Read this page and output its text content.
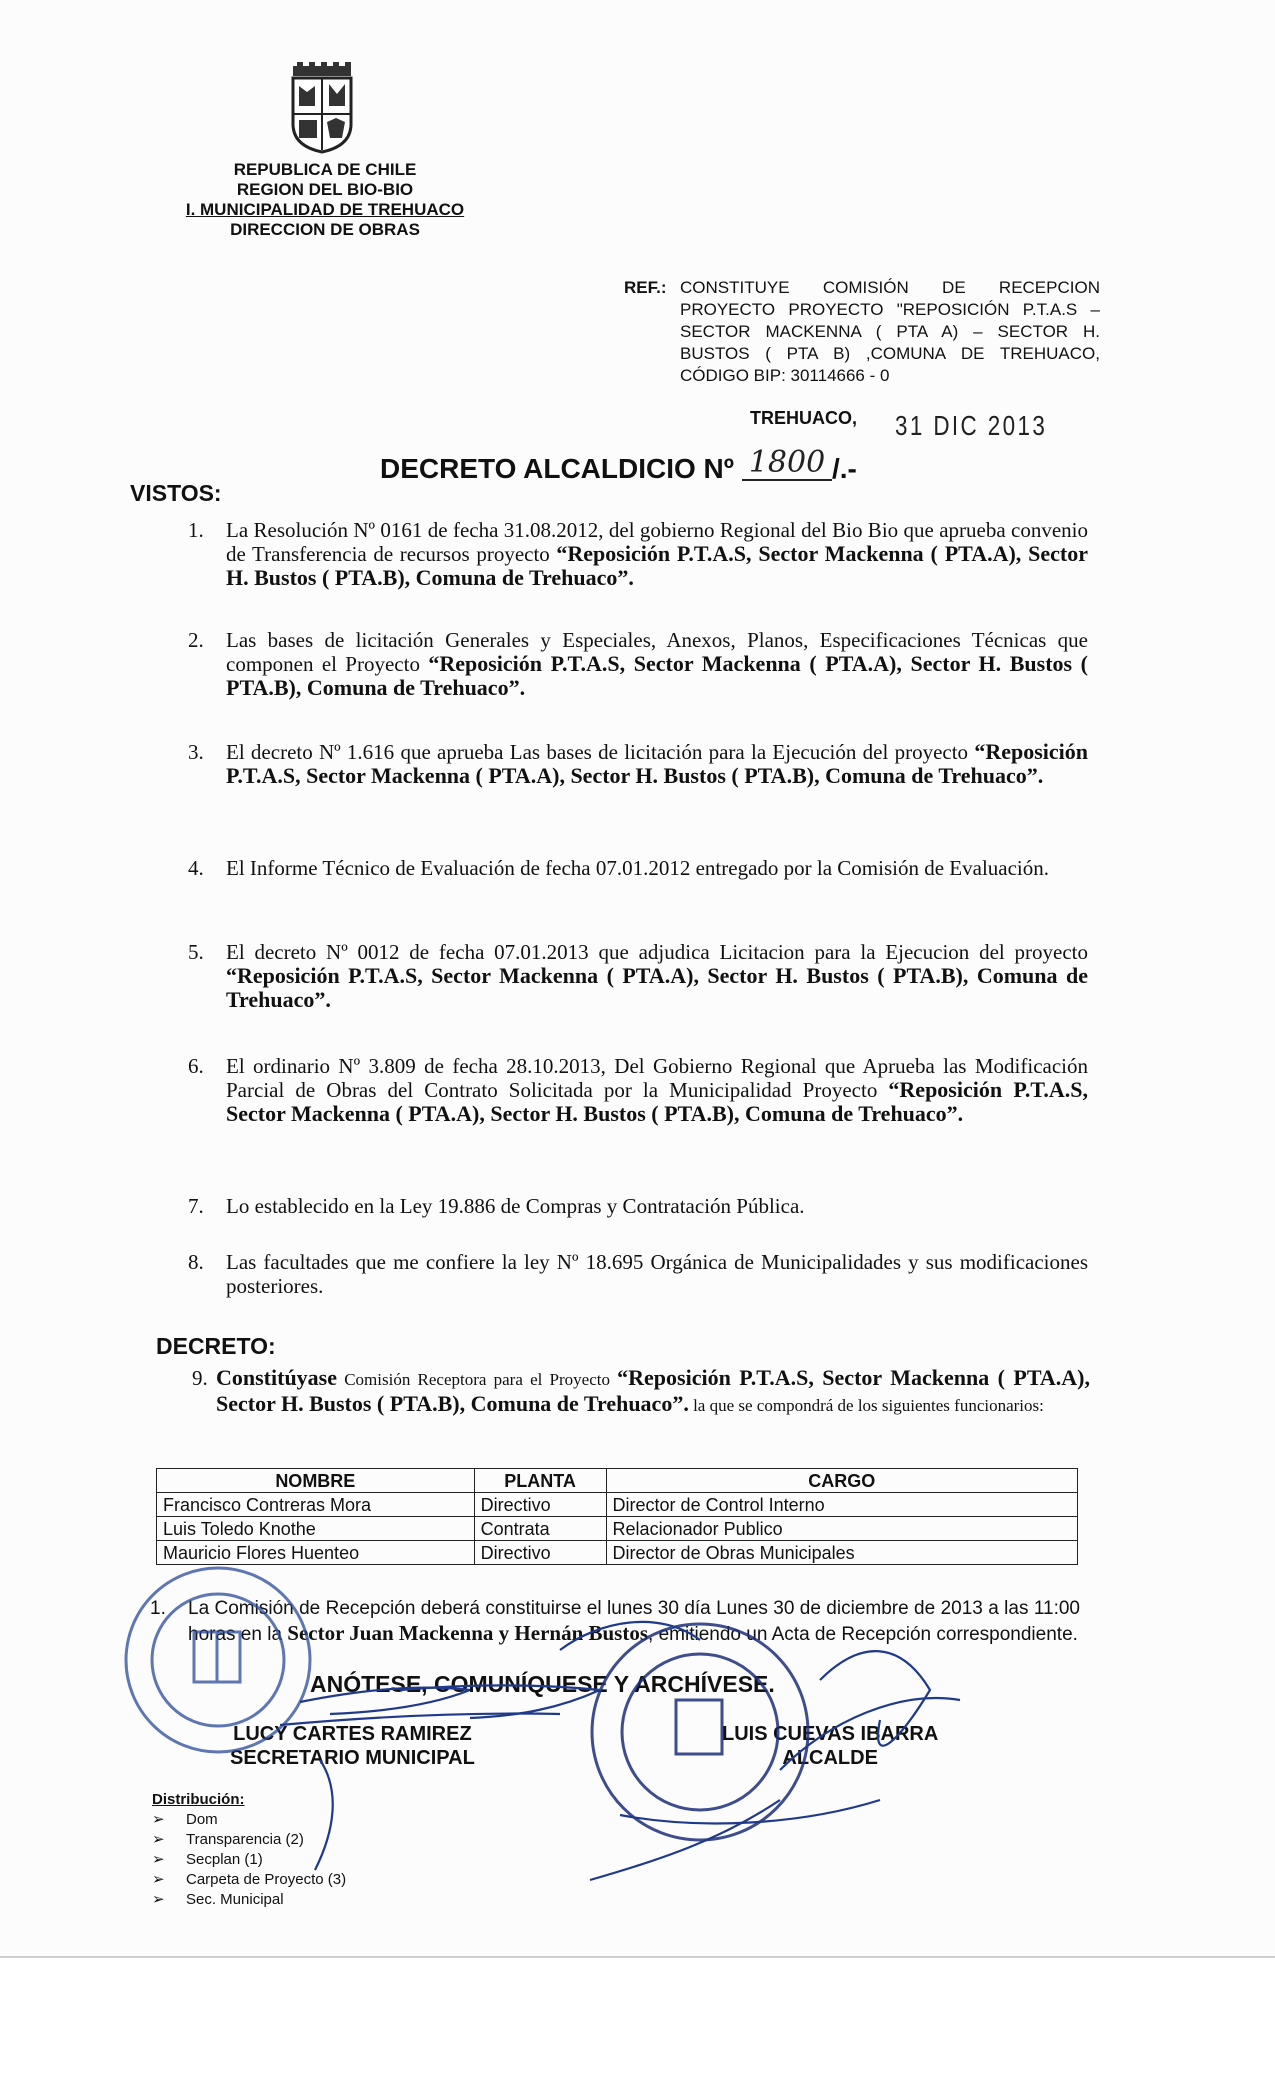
REPUBLICA DE CHILE
REGION DEL BIO-BIO
I. MUNICIPALIDAD DE TREHUACO
DIRECCION DE OBRAS
REF.: CONSTITUYE COMISIÓN DE RECEPCION PROYECTO PROYECTO "REPOSICIÓN P.T.A.S – SECTOR MACKENNA ( PTA A) – SECTOR H. BUSTOS ( PTA B) ,COMUNA DE TREHUACO, CÓDIGO BIP: 30114666 - 0
TREHUACO, 31 DIC 2013
DECRETO ALCALDICIO Nº 1800 /.-
VISTOS:
1. La Resolución Nº 0161 de fecha 31.08.2012, del gobierno Regional del Bio Bio que aprueba convenio de Transferencia de recursos proyecto “Reposición P.T.A.S, Sector Mackenna ( PTA.A), Sector H. Bustos ( PTA.B), Comuna de Trehuaco”.
2. Las bases de licitación Generales y Especiales, Anexos, Planos, Especificaciones Técnicas que componen el Proyecto “Reposición P.T.A.S, Sector Mackenna ( PTA.A), Sector H. Bustos ( PTA.B), Comuna de Trehuaco”.
3. El decreto Nº 1.616 que aprueba Las bases de licitación para la Ejecución del proyecto “Reposición P.T.A.S, Sector Mackenna ( PTA.A), Sector H. Bustos ( PTA.B), Comuna de Trehuaco”.
4. El Informe Técnico de Evaluación de fecha 07.01.2012 entregado por la Comisión de Evaluación.
5. El decreto Nº 0012 de fecha 07.01.2013 que adjudica Licitacion para la Ejecucion del proyecto “Reposición P.T.A.S, Sector Mackenna ( PTA.A), Sector H. Bustos ( PTA.B), Comuna de Trehuaco”.
6. El ordinario Nº 3.809 de fecha 28.10.2013, Del Gobierno Regional que Aprueba las Modificación Parcial de Obras del Contrato Solicitada por la Municipalidad Proyecto “Reposición P.T.A.S, Sector Mackenna ( PTA.A), Sector H. Bustos ( PTA.B), Comuna de Trehuaco”.
7. Lo establecido en la Ley 19.886 de Compras y Contratación Pública.
8. Las facultades que me confiere la ley Nº 18.695 Orgánica de Municipalidades y sus modificaciones posteriores.
DECRETO:
9. Constitúyase Comisión Receptora para el Proyecto “Reposición P.T.A.S, Sector Mackenna ( PTA.A), Sector H. Bustos ( PTA.B), Comuna de Trehuaco”. la que se compondrá de los siguientes funcionarios:
NOMBRE	PLANTA	CARGO
Francisco Contreras Mora	Directivo	Director de Control Interno
Luis Toledo Knothe	Contrata	Relacionador Publico
Mauricio Flores Huenteo	Directivo	Director de Obras Municipales
1. La Comisión de Recepción deberá constituirse el lunes 30 día Lunes 30 de diciembre de 2013 a las 11:00 horas en la Sector Juan Mackenna y Hernán Bustos, emitiendo un Acta de Recepción correspondiente.
ANÓTESE, COMUNÍQUESE Y ARCHÍVESE.
LUCY CARTES RAMIREZ
SECRETARIO MUNICIPAL
LUIS CUEVAS IBARRA
ALCALDE
Distribución:
➢ Dom
➢ Transparencia (2)
➢ Secplan (1)
➢ Carpeta de Proyecto (3)
➢ Sec. Municipal
